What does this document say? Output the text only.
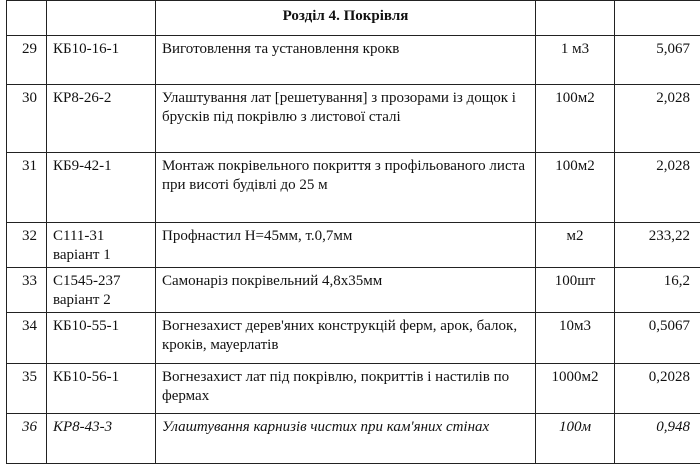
		Розділ 4. Покрівля		
29	КБ10-16-1	Виготовлення та установлення крокв	1 м3	5,067
30	КР8-26-2	Улаштування лат [решетування] з прозорами із дощок і брусків під покрівлю з листової сталі	100м2	2,028
31	КБ9-42-1	Монтаж покрівельного покриття з профільованого листа при висоті будівлі до 25 м	100м2	2,028
32	С111-31 варіант 1	Профнастил Н=45мм, т.0,7мм	м2	233,22
33	С1545-237 варіант 2	Самонаріз покрівельний 4,8х35мм	100шт	16,2
34	КБ10-55-1	Вогнезахист дерев'яних конструкцій ферм, арок, балок, кроків, мауерлатів	10м3	0,5067
35	КБ10-56-1	Вогнезахист лат під покрівлю, покриттів і настилів по фермах	1000м2	0,2028
36	КР8-43-3	Улаштування карнизів чистих при кам'яних стінах	100м	0,948
